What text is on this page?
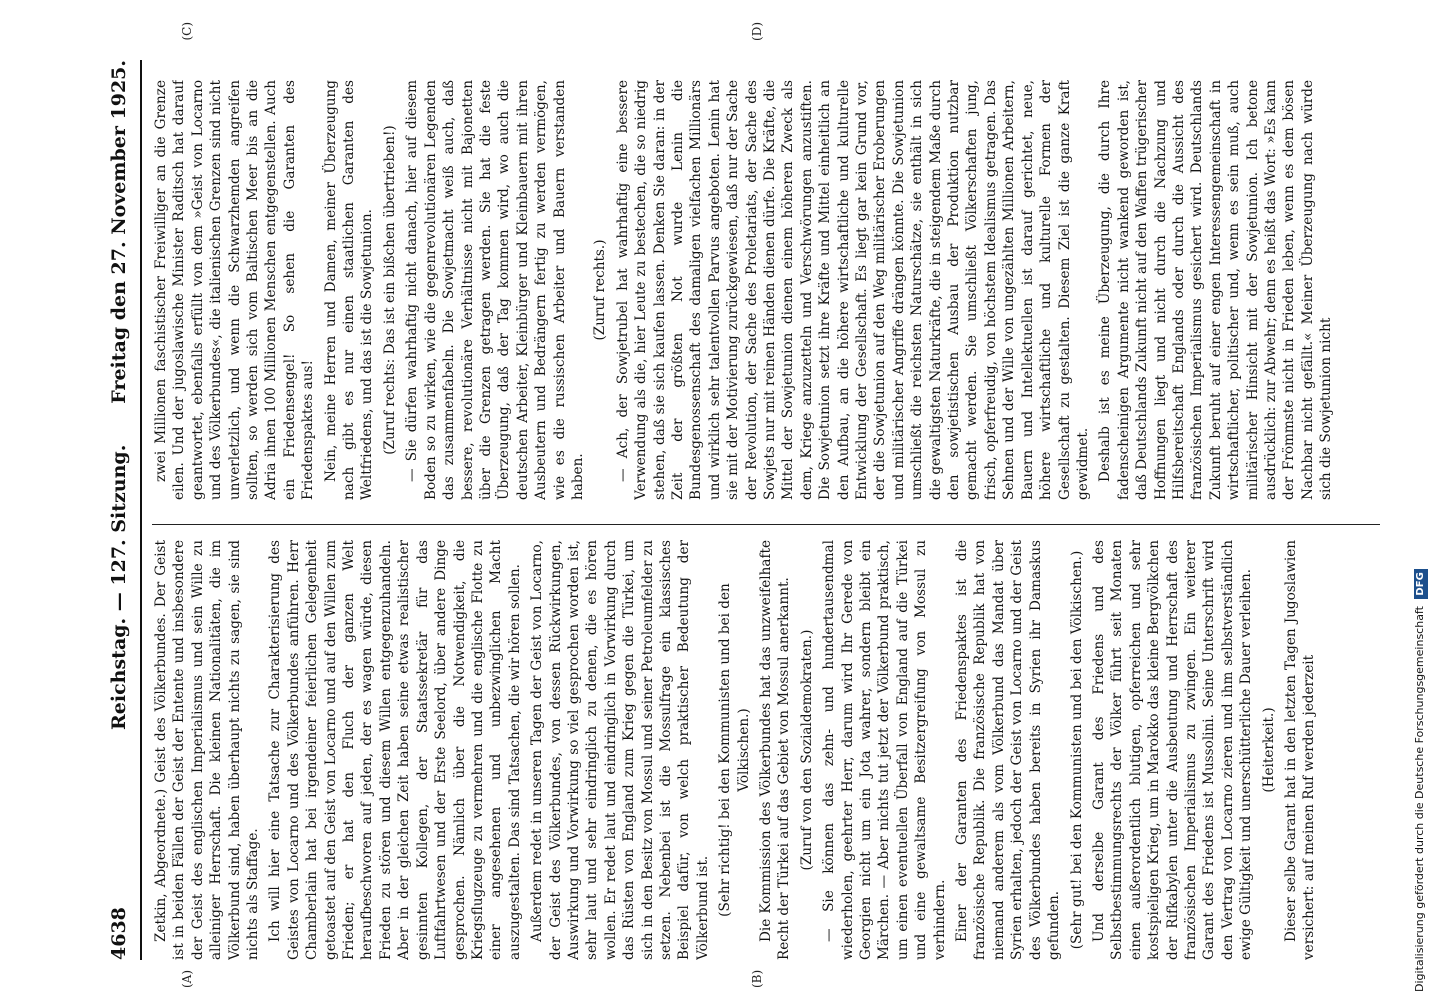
4638
Reichstag. — 127. Sitzung.
Freitag den 27. November 1925.
(A)	(B)
(C)	(D)

Zetkin, Abgeordnete.) Geist des Völkerbundes. Der Geist ist in beiden Fällen der Geist der Entente und insbesondere der Geist des englischen Imperialismus und sein Wille zu alleiniger Herrschaft. Die kleinen Nationalitäten, die im Völkerbund sind, haben überhaupt nichts zu sagen, sie sind nichts als Staffage. Ich will hier eine Tatsache zur Charakterisierung des Geistes von Locarno und des Völkerbundes anführen. Herr Chamberlain hat bei irgendeiner feierlichen Gelegenheit getoastet auf den Geist von Locarno und auf den Willen zum Frieden; er hat den Fluch der ganzen Welt heraufbeschworen auf jeden, der es wagen würde, diesen Frieden zu stören und diesem Willen entgegenzuhandeln. Aber in der gleichen Zeit haben seine etwas realistischer gesinnten Kollegen, der Staatssekretär für das Luftfahrtwesen und der Erste Seelord, über andere Dinge gesprochen. Nämlich über die Notwendigkeit, die Kriegsflugzeuge zu vermehren und die englische Flotte zu einer angesehenen und unbezwinglichen Macht auszugestalten. Das sind Tatsachen, die wir hören sollen. Außerdem redet in unseren Tagen der Geist von Locarno, der Geist des Völkerbundes, von dessen Rückwirkungen, Auswirkung und Vorwirkung so viel gesprochen worden ist, sehr laut und sehr eindringlich zu denen, die es hören wollen. Er redet laut und eindringlich in Vorwirkung durch das Rüsten von England zum Krieg gegen die Türkei, um sich in den Besitz von Mossul und seiner Petroleumfelder zu setzen. Nebenbei ist die Mossulfrage ein klassisches Beispiel dafür, von welch praktischer Bedeutung der Völkerbund ist. (Sehr richtig! bei den Kommunisten und bei den Völkischen.) Die Kommission des Völkerbundes hat das unzweifelhafte Recht der Türkei auf das Gebiet von Mossul anerkannt. (Zuruf von den Sozialdemokraten.) — Sie können das zehn- und hundertausendmal wiederholen, geehrter Herr, darum wird Ihr Gerede von Georgien nicht um ein Jota wahrer, sondern bleibt ein Märchen. — Aber nichts tut jetzt der Völkerbund praktisch, um einen eventuellen Überfall von England auf die Türkei und eine gewaltsame Besitzergreifung von Mossul zu verhindern. Einer der Garanten des Friedenspaktes ist die französische Republik. Die französische Republik hat von niemand anderem als vom Völkerbund das Mandat über Syrien erhalten, jedoch der Geist von Locarno und der Geist des Völkerbundes haben bereits in Syrien ihr Damaskus gefunden. (Sehr gut! bei den Kommunisten und bei den Völkischen.) Und derselbe Garant des Friedens und des Selbstbestimmungsrechts der Völker führt seit Monaten einen außerordentlich blutigen, opferreichen und sehr kostspieligen Krieg, um in Marokko das kleine Bergvölkchen der Rifkabylen unter die Ausbeutung und Herrschaft des französischen Imperialismus zu zwingen. Ein weiterer Garant des Friedens ist Mussolini. Seine Unterschrift wird den Vertrag von Locarno zieren und ihm selbstverständlich ewige Gültigkeit und unerschütterliche Dauer verleihen. (Heiterkeit.) Dieser selbe Garant hat in den letzten Tagen Jugoslawien versichert: auf meinen Ruf werden jederzeit

zwei Millionen faschistischer Freiwilliger an die Grenze eilen. Und der jugoslawische Minister Raditsch hat darauf geantwortet, ebenfalls erfüllt von dem »Geist von Locarno und des Völkerbundes«, die italienischen Grenzen sind nicht unverletzlich, und wenn die Schwarzhemden angreifen sollten, so werden sich vom Baltischen Meer bis an die Adria ihnen 100 Millionen Menschen entgegenstellen. Auch ein Friedensengel! So sehen die Garanten des Friedenspaktes aus! Nein, meine Herren und Damen, meiner Überzeugung nach gibt es nur einen staatlichen Garanten des Weltfriedens, und das ist die Sowjetunion. (Zuruf rechts: Das ist ein bißchen übertrieben!) — Sie dürfen wahrhaftig nicht danach, hier auf diesem Boden so zu wirken, wie die gegenrevolutionären Legenden das zusammenfabeln. Die Sowjetmacht weiß auch, daß bessere, revolutionäre Verhältnisse nicht mit Bajonetten über die Grenzen getragen werden. Sie hat die feste Überzeugung, daß der Tag kommen wird, wo auch die deutschen Arbeiter, Kleinbürger und Kleinbauern mit ihren Ausbeutern und Bedrängern fertig zu werden vermögen, wie es die russischen Arbeiter und Bauern verstanden haben.

(Zuruf rechts.) — Ach, der Sowjetrubel hat wahrhaftig eine bessere Verwendung als die, hier Leute zu bestechen, die so niedrig stehen, daß sie sich kaufen lassen. Denken Sie daran: in der Zeit der größten Not wurde Lenin die Bundesgenossenschaft des damaligen vielfachen Millionärs und wirklich sehr talentvollen Parvus angeboten. Lenin hat sie mit der Motivierung zurückgewiesen, daß nur der Sache der Revolution, der Sache des Proletariats, der Sache des Sowjets nur mit reinen Händen dienen dürfe. Die Kräfte, die Mittel der Sowjetunion dienen einem höheren Zweck als dem, Kriege anzuzetteln und Verschwörungen anzustiften. Die Sowjetunion setzt ihre Kräfte und Mittel einheitlich an den Aufbau, an die höhere wirtschaftliche und kulturelle Entwicklung der Gesellschaft. Es liegt gar kein Grund vor, der die Sowjetunion auf den Weg militärischer Eroberungen und militärischer Angriffe drängen könnte. Die Sowjetunion umschließt die reichsten Naturschätze, sie enthält in sich die gewaltigsten Naturkräfte, die in steigendem Maße durch den sowjetistischen Ausbau der Produktion nutzbar gemacht werden. Sie umschließt Völkerschaften jung, frisch, opferfreudig, von höchstem Idealismus getragen. Das Sehnen und der Wille von ungezählten Millionen Arbeitern, Bauern und Intellektuellen ist darauf gerichtet, neue, höhere wirtschaftliche und kulturelle Formen der Gesellschaft zu gestalten. Diesem Ziel ist die ganze Kraft gewidmet. Deshalb ist es meine Überzeugung, die durch Ihre fadenscheinigen Argumente nicht wankend geworden ist, daß Deutschlands Zukunft nicht auf den Waffen trügerischer Hoffnungen liegt und nicht durch die Nachzung und Hilfsbereitschaft Englands oder durch die Aussicht des französischen Imperialismus gesichert wird. Deutschlands Zukunft beruht auf einer engen Interessengemeinschaft in wirtschaftlicher, politischer und, wenn es sein muß, auch militärischer Hinsicht mit der Sowjetunion. Ich betone ausdrücklich: zur Abwehr; denn es heißt das Wort: »Es kann der Frömmste nicht in Frieden leben, wenn es dem bösen Nachbar nicht gefällt.« Meiner Überzeugung nach würde sich die Sowjetunion nicht

Digitalisierung gefördert durch die Deutsche Forschungsgemeinschaft DFG
